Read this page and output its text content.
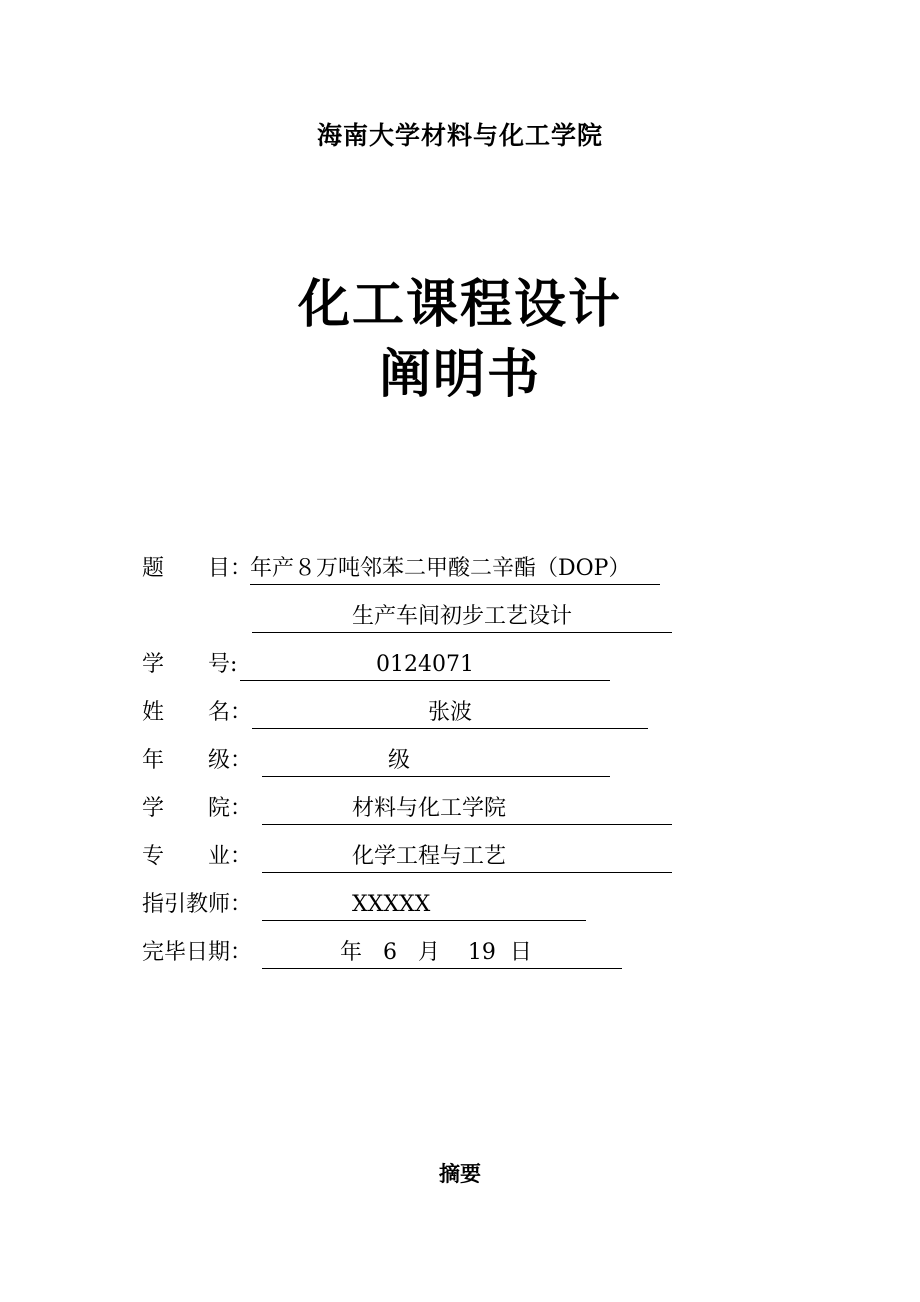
海南大学材料与化工学院
化工课程设计
阐明书
题　　目：
年产８万吨邻苯二甲酸二辛酯（DOP）
生产车间初步工艺设计
学　　号:	0124071
姓　　名：	张波
年　　级：	级
学　　院：	材料与化工学院
专　　业：	化学工程与工艺
指引教师：	XXXXX
完毕日期：	年   6   月    19  日
摘要
